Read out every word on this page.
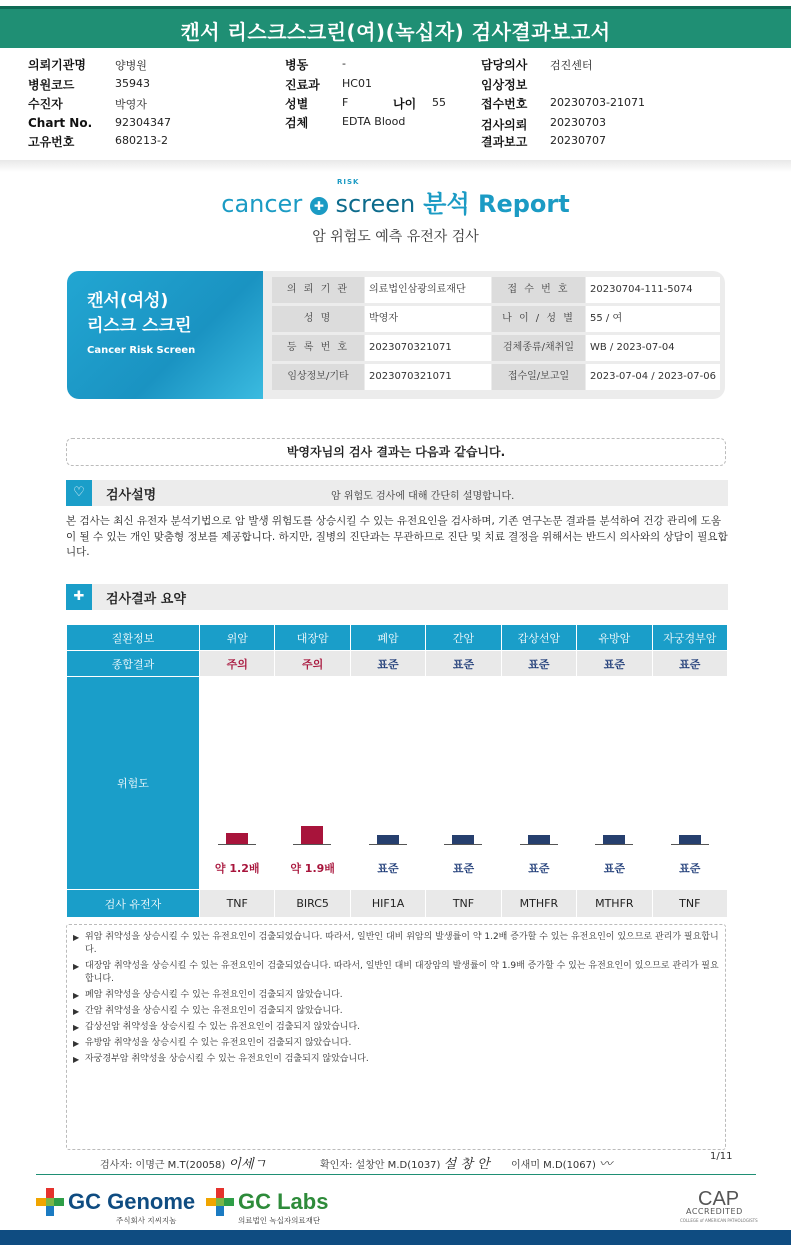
캔서 리스크스크린(여)(녹십자) 검사결과보고서
의뢰기관명	양병원
병원코드	35943
수진자	박영자
Chart No. 92304347
고유번호	680213-2
병동	-
진료과 HC01
성별	F	나이 55
검체	EDTA Blood
담당의사 검진센터
임상정보
접수번호 20230703-21071
검사의뢰 20230703
결과보고 20230707
cancer ✚ screen 분석 Report
RISK
암 위험도 예측 유전자 검사
캔서(여성)
리스크 스크린
Cancer Risk Screen
의 뢰 기 관	의료법인삼광의료재단	접 수 번 호	20230704-111-5074
성 명	박영자	나 이 / 성 별	55 / 여
등 록 번 호	2023070321071	검체종류/채취일	WB / 2023-07-04
임상정보/기타	2023070321071	접수일/보고일	2023-07-04 / 2023-07-06
박영자님의 검사 결과는 다음과 같습니다.
♡	검사설명	암 위험도 검사에 대해 간단히 설명합니다.
본 검사는 최신 유전자 분석기법으로 암 발생 위험도를 상승시킬 수 있는 유전요인을 검사하며, 기존 연구논문 결과를 분석하여 건강 관리에 도움이 될 수 있는 개인 맞춤형 정보를 제공합니다. 하지만, 질병의 진단과는 무관하므로 진단 및 치료 결정을 위해서는 반드시 의사와의 상담이 필요합니다.
✚	검사결과 요약
질환정보	위암	대장암	폐암	간암	갑상선암	유방암	자궁경부암
종합결과	주의	주의	표준	표준	표준	표준	표준
위험도	약 1.2배	약 1.9배	표준	표준	표준	표준	표준

검사 유전자	TNF	BIRC5	HIF1A	TNF	MTHFR	MTHFR	TNF
▶ 위암 취약성을 상승시킬 수 있는 유전요인이 검출되었습니다. 따라서, 일반인 대비 위암의 발생률이 약 1.2배 증가할 수 있는 유전요인이 있으므로 관리가 필요합니다.
▶ 대장암 취약성을 상승시킬 수 있는 유전요인이 검출되었습니다. 따라서, 일반인 대비 대장암의 발생률이 약 1.9배 증가할 수 있는 유전요인이 있으므로 관리가 필요합니다.
▶ 폐암 취약성을 상승시킬 수 있는 유전요인이 검출되지 않았습니다.
▶ 간암 취약성을 상승시킬 수 있는 유전요인이 검출되지 않았습니다.
▶ 갑상선암 취약성을 상승시킬 수 있는 유전요인이 검출되지 않았습니다.
▶ 유방암 취약성을 상승시킬 수 있는 유전요인이 검출되지 않았습니다.
▶ 자궁경부암 취약성을 상승시킬 수 있는 유전요인이 검출되지 않았습니다.
검사자: 이명근 M.T(20058) 이세ㄱ	확인자: 설창안 M.D(1037) 설 창 안 이새미 M.D(1067) 〰
1/11
GC Genome
주식회사 지씨지놈
GC Labs
의료법인 녹십자의료재단
CAP
ACCREDITED
COLLEGE of AMERICAN PATHOLOGISTS
